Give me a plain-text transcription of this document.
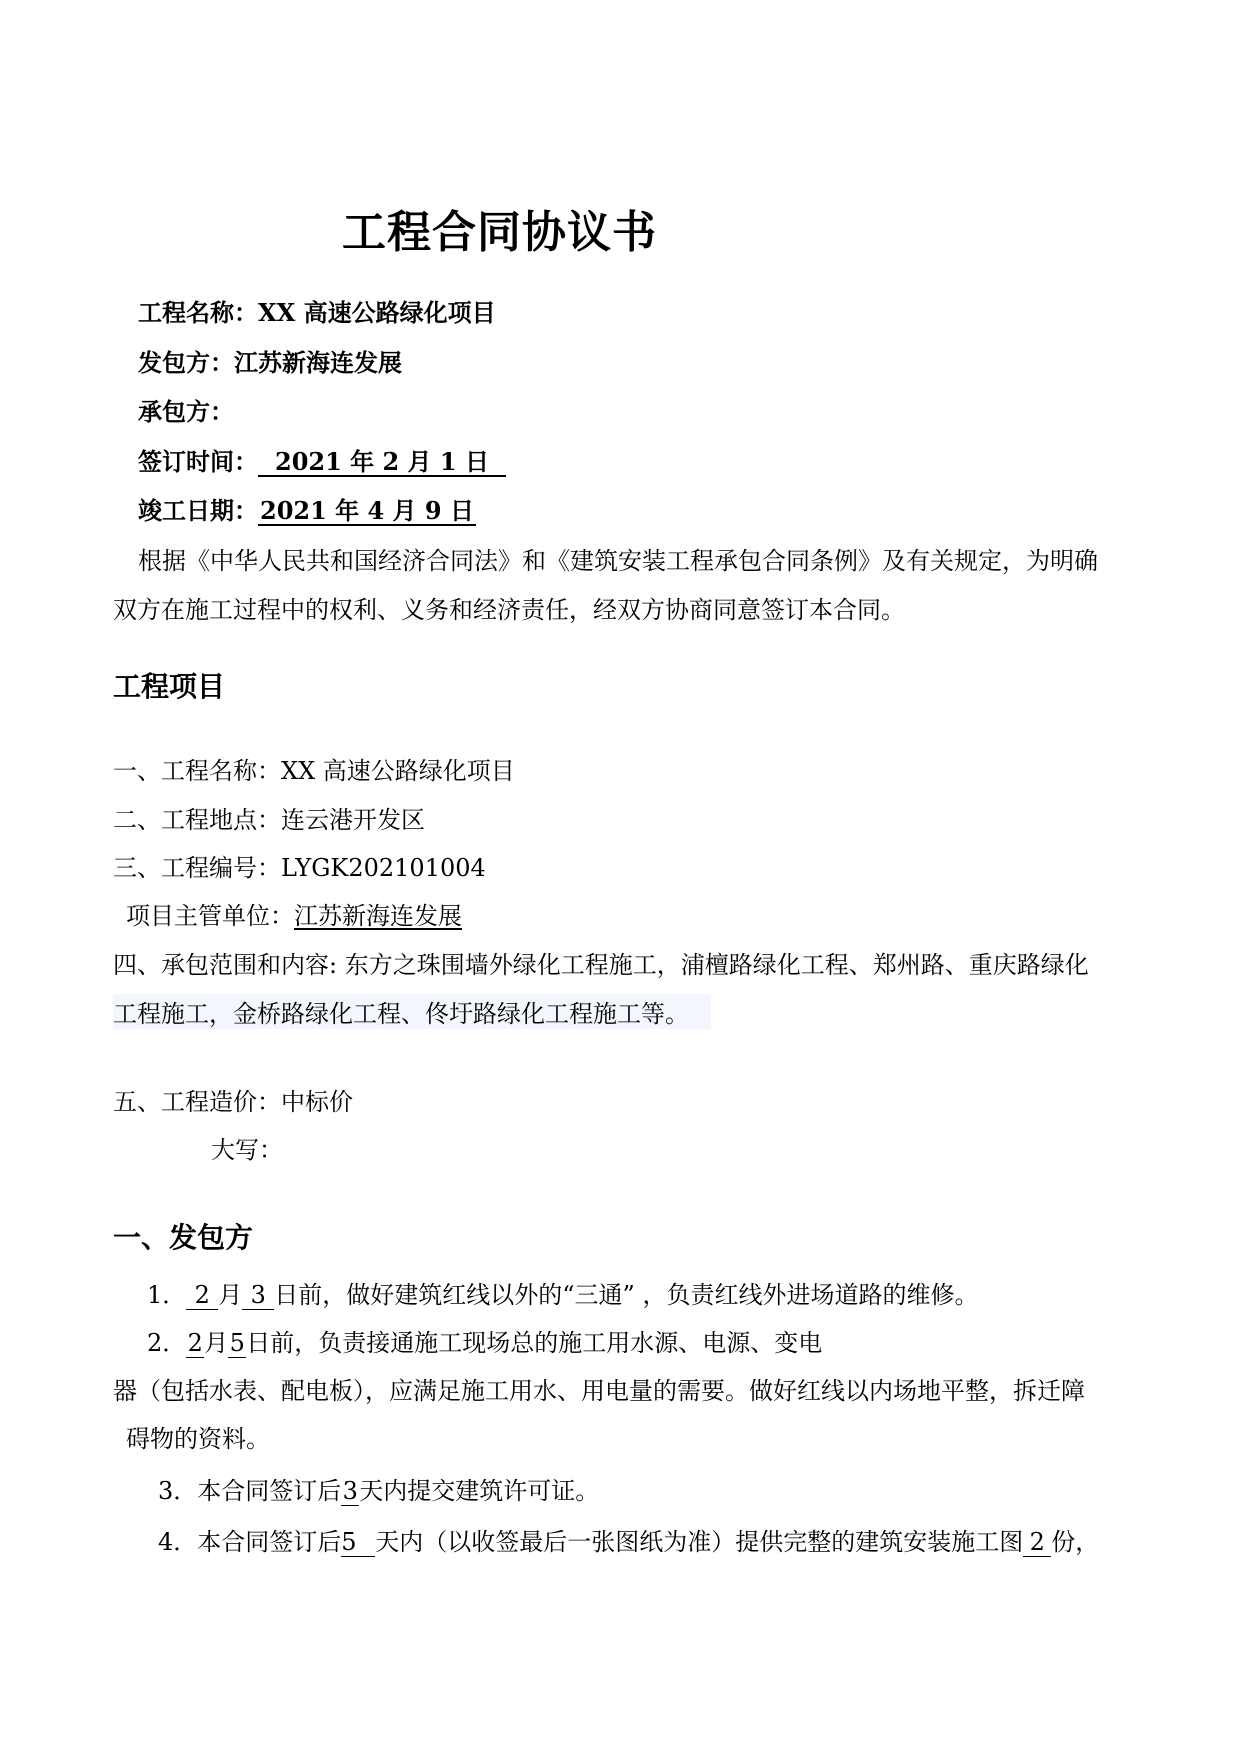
工程合同协议书
工程名称：XX 高速公路绿化项目
发包方：江苏新海连发展
承包方：
签订时间： 2021 年 2 月 1 日
竣工日期：2021 年 4 月 9 日
根据《中华人民共和国经济合同法》和《建筑安装工程承包合同条例》及有关规定，为明确
双方在施工过程中的权利、义务和经济责任，经双方协商同意签订本合同。
工程项目
一、工程名称：XX 高速公路绿化项目
二、工程地点：连云港开发区
三、工程编号：LYGK202101004
项目主管单位：江苏新海连发展
四、承包范围和内容: 东方之珠围墙外绿化工程施工，浦檀路绿化工程、郑州路、重庆路绿化
工程施工，金桥路绿化工程、佟圩路绿化工程施工等。
五、工程造价：中标价
大写：
一、发包方
1． 2 月 3 日前，做好建筑红线以外的“三通” ，负责红线外进场道路的维修。
2．2月5日前，负责接通施工现场总的施工用水源、电源、变电
器（包括水表、配电板），应满足施工用水、用电量的需要。做好红线以内场地平整，拆迁障
碍物的资料。
3．本合同签订后3天内提交建筑许可证。
4．本合同签订后5 天内（以收签最后一张图纸为准）提供完整的建筑安装施工图 2 份，
